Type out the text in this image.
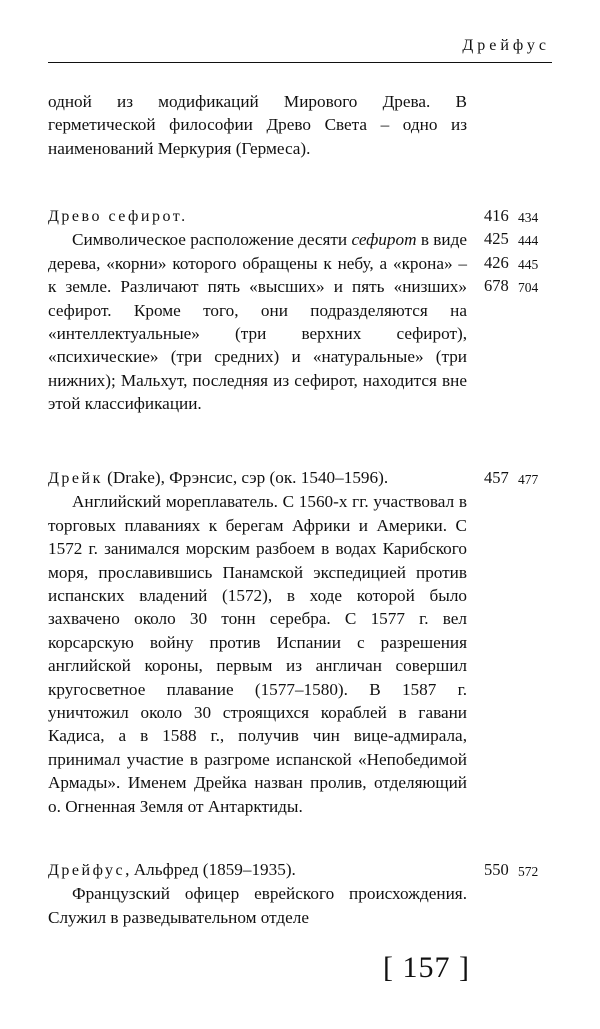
Дрейфус

одной из модификаций Мирового Древа. В герметической философии Древо Света – одно из наименований Меркурия (Гермеса).

Древо сефирот.

Символическое расположение десяти сефирот в виде дерева, «корни» которого обращены к небу, а «крона» – к земле. Различают пять «высших» и пять «низших» сефирот. Кроме того, они подразделяются на «интеллектуальные» (три верхних сефирот), «психические» (три средних) и «натуральные» (три нижних); Мальхут, последняя из сефирот, находится вне этой классификации.

416 434
425 444
426 445
678 704

Дрейк (Drake), Фрэнсис, сэр (ок. 1540–1596).

Английский мореплаватель. С 1560-х гг. участвовал в торговых плаваниях к берегам Африки и Америки. С 1572 г. занимался морским разбоем в водах Карибского моря, прославившись Панамской экспедицией против испанских владений (1572), в ходе которой было захвачено около 30 тонн серебра. С 1577 г. вел корсарскую войну против Испании с разрешения английской короны, первым из англичан совершил кругосветное плавание (1577–1580). В 1587 г. уничтожил около 30 строящихся кораблей в гавани Кадиса, а в 1588 г., получив чин вице-адмирала, принимал участие в разгроме испанской «Непобедимой Армады». Именем Дрейка назван пролив, отделяющий о. Огненная Земля от Антарктиды.

457 477

Дрейфус, Альфред (1859–1935).

Французский офицер еврейского происхождения. Служил в разведывательном отделе

550 572
[ 157 ]
